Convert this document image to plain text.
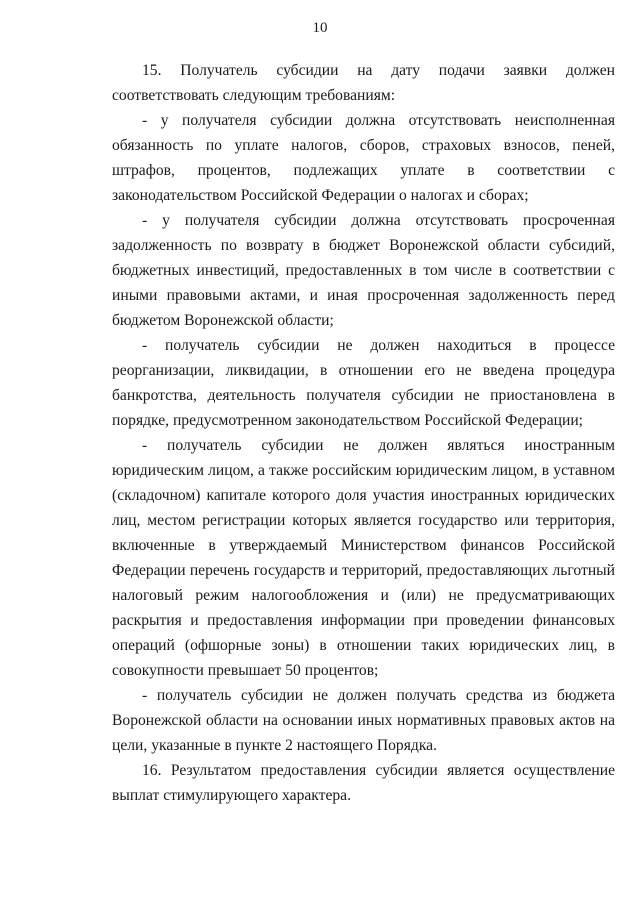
10

15. Получатель субсидии на дату подачи заявки должен соответствовать следующим требованиям:

- у получателя субсидии должна отсутствовать неисполненная обязанность по уплате налогов, сборов, страховых взносов, пеней, штрафов, процентов, подлежащих уплате в соответствии с законодательством Российской Федерации о налогах и сборах;

- у получателя субсидии должна отсутствовать просроченная задолженность по возврату в бюджет Воронежской области субсидий, бюджетных инвестиций, предоставленных в том числе в соответствии с иными правовыми актами, и иная просроченная задолженность перед бюджетом Воронежской области;

- получатель субсидии не должен находиться в процессе реорганизации, ликвидации, в отношении его не введена процедура банкротства, деятельность получателя субсидии не приостановлена в порядке, предусмотренном законодательством Российской Федерации;

- получатель субсидии не должен являться иностранным юридическим лицом, а также российским юридическим лицом, в уставном (складочном) капитале которого доля участия иностранных юридических лиц, местом регистрации которых является государство или территория, включенные в утверждаемый Министерством финансов Российской Федерации перечень государств и территорий, предоставляющих льготный налоговый режим налогообложения и (или) не предусматривающих раскрытия и предоставления информации при проведении финансовых операций (офшорные зоны) в отношении таких юридических лиц, в совокупности превышает 50 процентов;

- получатель субсидии не должен получать средства из бюджета Воронежской области на основании иных нормативных правовых актов на цели, указанные в пункте 2 настоящего Порядка.

16. Результатом предоставления субсидии является осуществление выплат стимулирующего характера.
